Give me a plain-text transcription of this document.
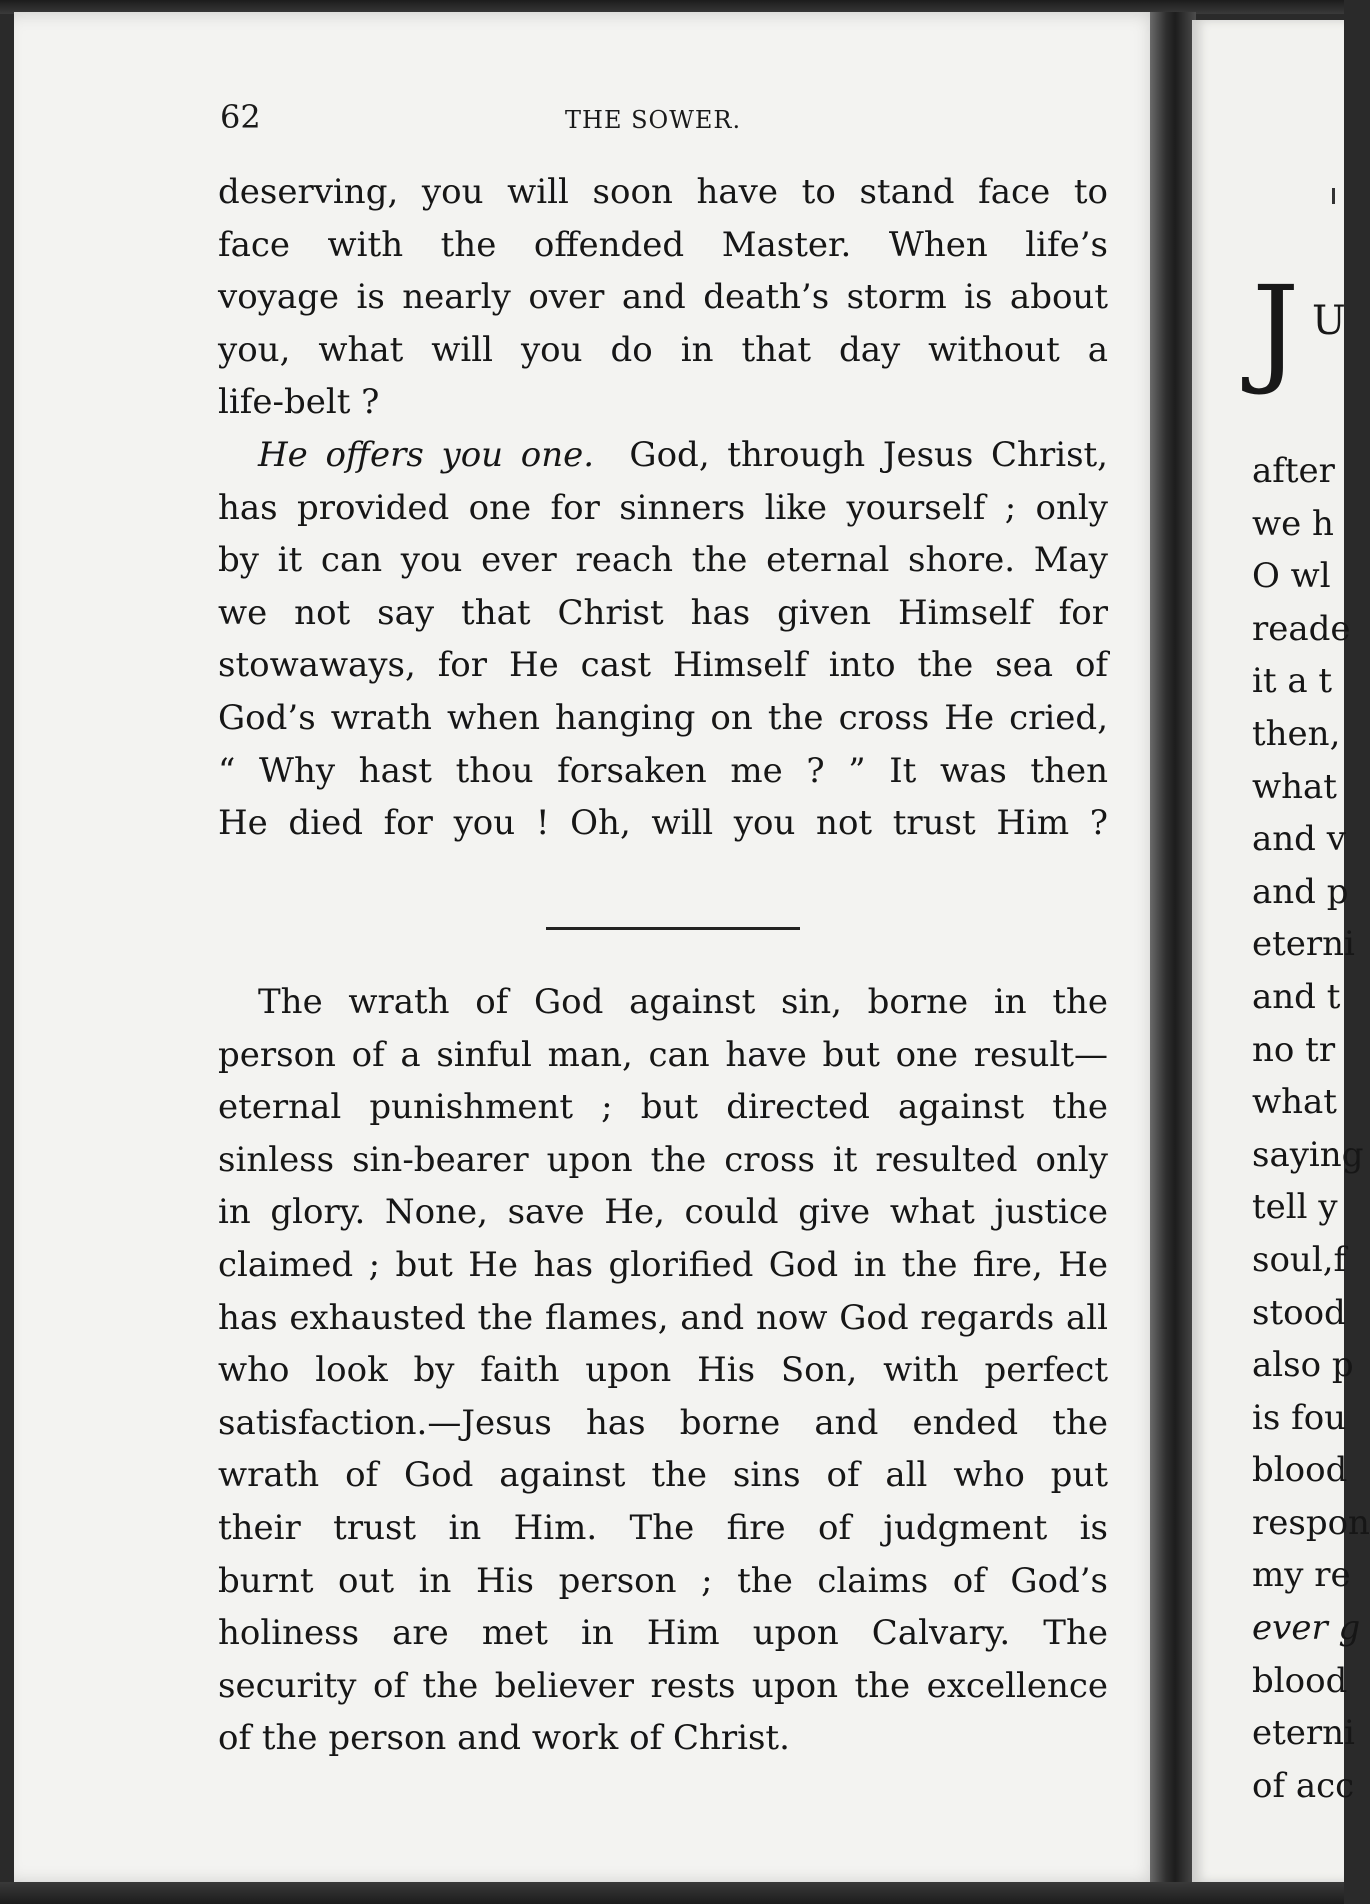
62	THE SOWER.
deserving, you will soon have to stand face to
face with the offended Master. When life’s
voyage is nearly over and death’s storm is about
you, what will you do in that day without a
life-belt ?
He offers you one. God, through Jesus Christ,
has provided one for sinners like yourself ; only
by it can you ever reach the eternal shore. May
we not say that Christ has given Himself for
stowaways, for He cast Himself into the sea of
God’s wrath when hanging on the cross He cried,
“ Why hast thou forsaken me ? ” It was then
He died for you ! Oh, will you not trust Him ?
The wrath of God against sin, borne in the
person of a sinful man, can have but one result—
eternal punishment ; but directed against the
sinless sin-bearer upon the cross it resulted only
in glory. None, save He, could give what justice
claimed ; but He has glorified God in the fire, He
has exhausted the flames, and now God regards all
who look by faith upon His Son, with perfect
satisfaction.—Jesus has borne and ended the
wrath of God against the sins of all who put
their trust in Him. The fire of judgment is
burnt out in His person ; the claims of God’s
holiness are met in Him upon Calvary. The
security of the believer rests upon the excellence
of the person and work of Christ.
J U
after
we h
O wl
reade
it a t
then,
what
and v
and p
eterni
and t
no tr
what
saying
tell y
soul,f
stood
also p
is fou
blood
respon
my re
ever g
blood
eterni
of acc
